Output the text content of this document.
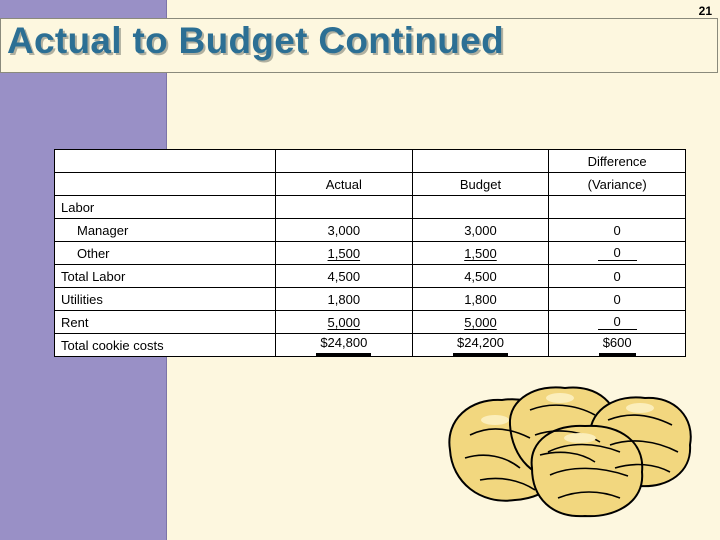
Actual to Budget Continued
21
			Difference
	Actual	Budget	(Variance)
Labor			
Manager	3,000	3,000	0
Other	1,500	1,500	0
Total Labor	4,500	4,500	0
Utilities	1,800	1,800	0
Rent	5,000	5,000	0
Total cookie costs	$24,800	$24,200	$600
